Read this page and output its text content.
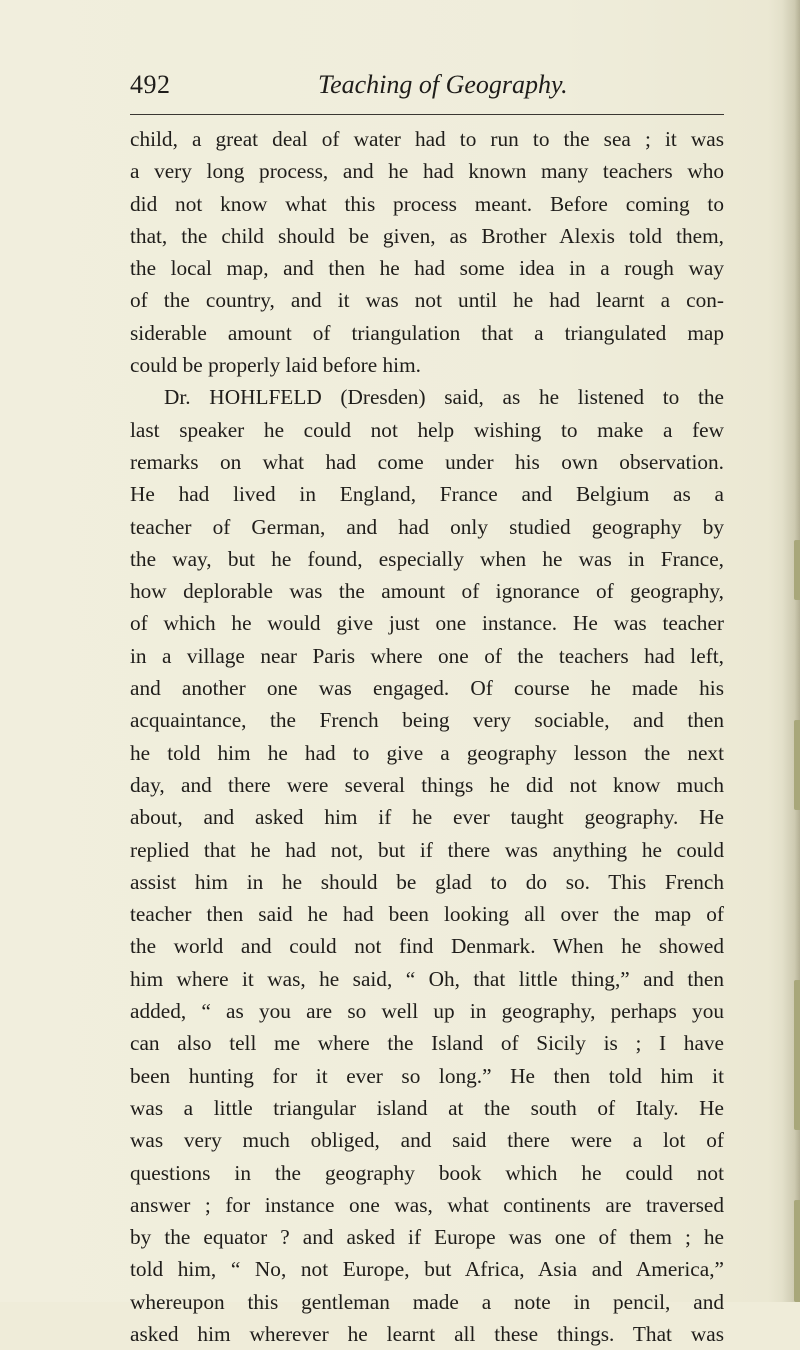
492	Teaching of Geography.
child, a great deal of water had to run to the sea ; it was
a very long process, and he had known many teachers who
did not know what this process meant. Before coming to
that, the child should be given, as Brother Alexis told them,
the local map, and then he had some idea in a rough way
of the country, and it was not until he had learnt a con-
siderable amount of triangulation that a triangulated map
could be properly laid before him.
Dr. HOHLFELD (Dresden) said, as he listened to the
last speaker he could not help wishing to make a few
remarks on what had come under his own observation.
He had lived in England, France and Belgium as a
teacher of German, and had only studied geography by
the way, but he found, especially when he was in France,
how deplorable was the amount of ignorance of geography,
of which he would give just one instance. He was teacher
in a village near Paris where one of the teachers had left,
and another one was engaged. Of course he made his
acquaintance, the French being very sociable, and then
he told him he had to give a geography lesson the next
day, and there were several things he did not know much
about, and asked him if he ever taught geography. He
replied that he had not, but if there was anything he could
assist him in he should be glad to do so. This French
teacher then said he had been looking all over the map of
the world and could not find Denmark. When he showed
him where it was, he said, “ Oh, that little thing,” and then
added, “ as you are so well up in geography, perhaps you
can also tell me where the Island of Sicily is ; I have
been hunting for it ever so long.” He then told him it
was a little triangular island at the south of Italy. He
was very much obliged, and said there were a lot of
questions in the geography book which he could not
answer ; for instance one was, what continents are traversed
by the equator ? and asked if Europe was one of them ; he
told him, “ No, not Europe, but Africa, Asia and America,”
whereupon this gentleman made a note in pencil, and
asked him wherever he learnt all these things. That was
